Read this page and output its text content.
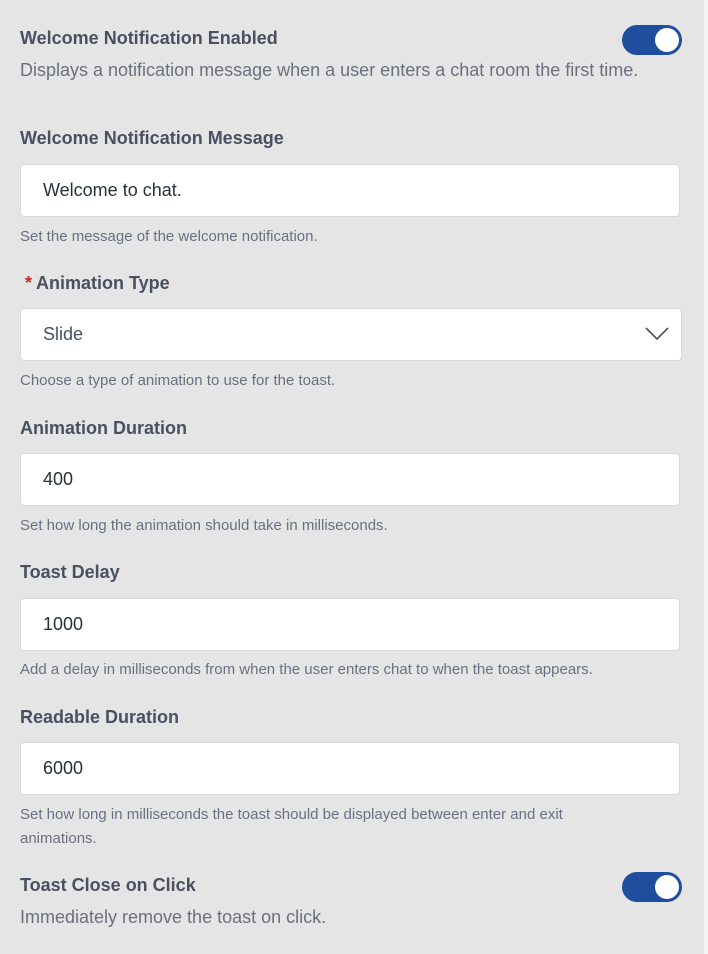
Welcome Notification Enabled
Displays a notification message when a user enters a chat room the first time.
Welcome Notification Message
Welcome to chat.
Set the message of the welcome notification.
* Animation Type
Slide
Choose a type of animation to use for the toast.
Animation Duration
400
Set how long the animation should take in milliseconds.
Toast Delay
1000
Add a delay in milliseconds from when the user enters chat to when the toast appears.
Readable Duration
6000
Set how long in milliseconds the toast should be displayed between enter and exit animations.
Toast Close on Click
Immediately remove the toast on click.
